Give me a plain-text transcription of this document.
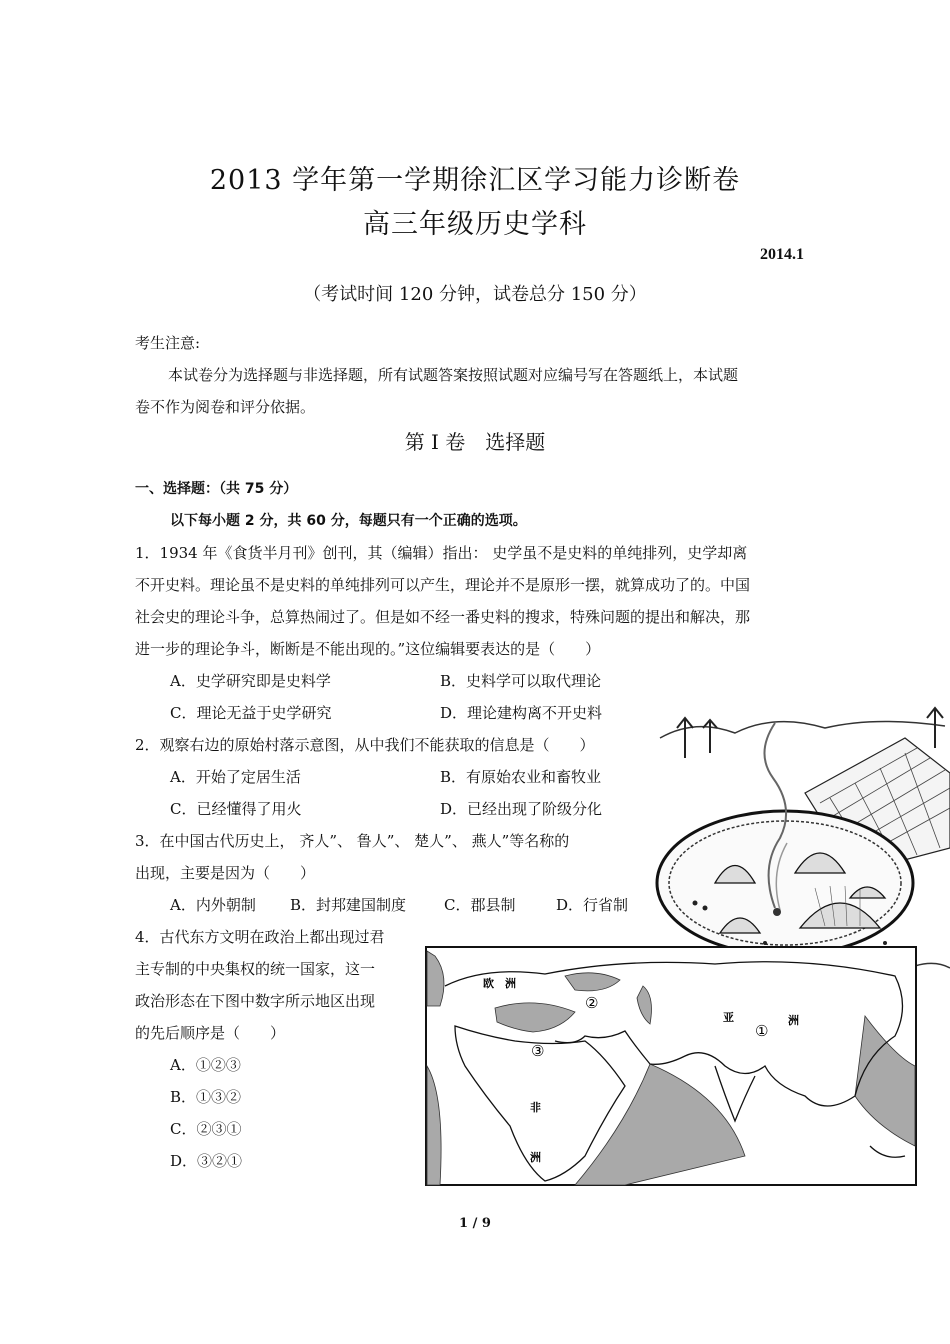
2013 学年第一学期徐汇区学习能力诊断卷
高三年级历史学科
2014.1
（考试时间 120 分钟，试卷总分 150 分）
考生注意:
本试卷分为选择题与非选择题，所有试题答案按照试题对应编号写在答题纸上，本试题
卷不作为阅卷和评分依据。
第 I 卷　选择题
一、选择题：（共 75 分）
以下每小题 2 分，共 60 分，每题只有一个正确的选项。
1．1934 年《食货半月刊》创刊，其（编辑）指出： 史学虽不是史料的单纯排列，史学却离
不开史料。理论虽不是史料的单纯排列可以产生，理论并不是原形一摆，就算成功了的。中国
社会史的理论斗争，总算热闹过了。但是如不经一番史料的搜求，特殊问题的提出和解决，那
进一步的理论争斗，断断是不能出现的。”这位编辑要表达的是（　　）
A．史学研究即是史料学	B．史料学可以取代理论
C．理论无益于史学研究	D．理论建构离不开史料
2．观察右边的原始村落示意图，从中我们不能获取的信息是（　　）
A．开始了定居生活	B．有原始农业和畜牧业
C．已经懂得了用火	D．已经出现了阶级分化
3．在中国古代历史上， 齐人”、 鲁人”、 楚人”、 燕人”等名称的
出现，主要是因为（　　）
A．内外朝制 B．封邦建国制度	C．郡县制	D．行省制
4．古代东方文明在政治上都出现过君
主专制的中央集权的统一国家，这一
政治形态在下图中数字所示地区出现
的先后顺序是（　　）
A．①②③
B．①③②
C．②③①
D．③②①
欧　洲
亚	洲
非
洲
①
②
③
1 / 9
